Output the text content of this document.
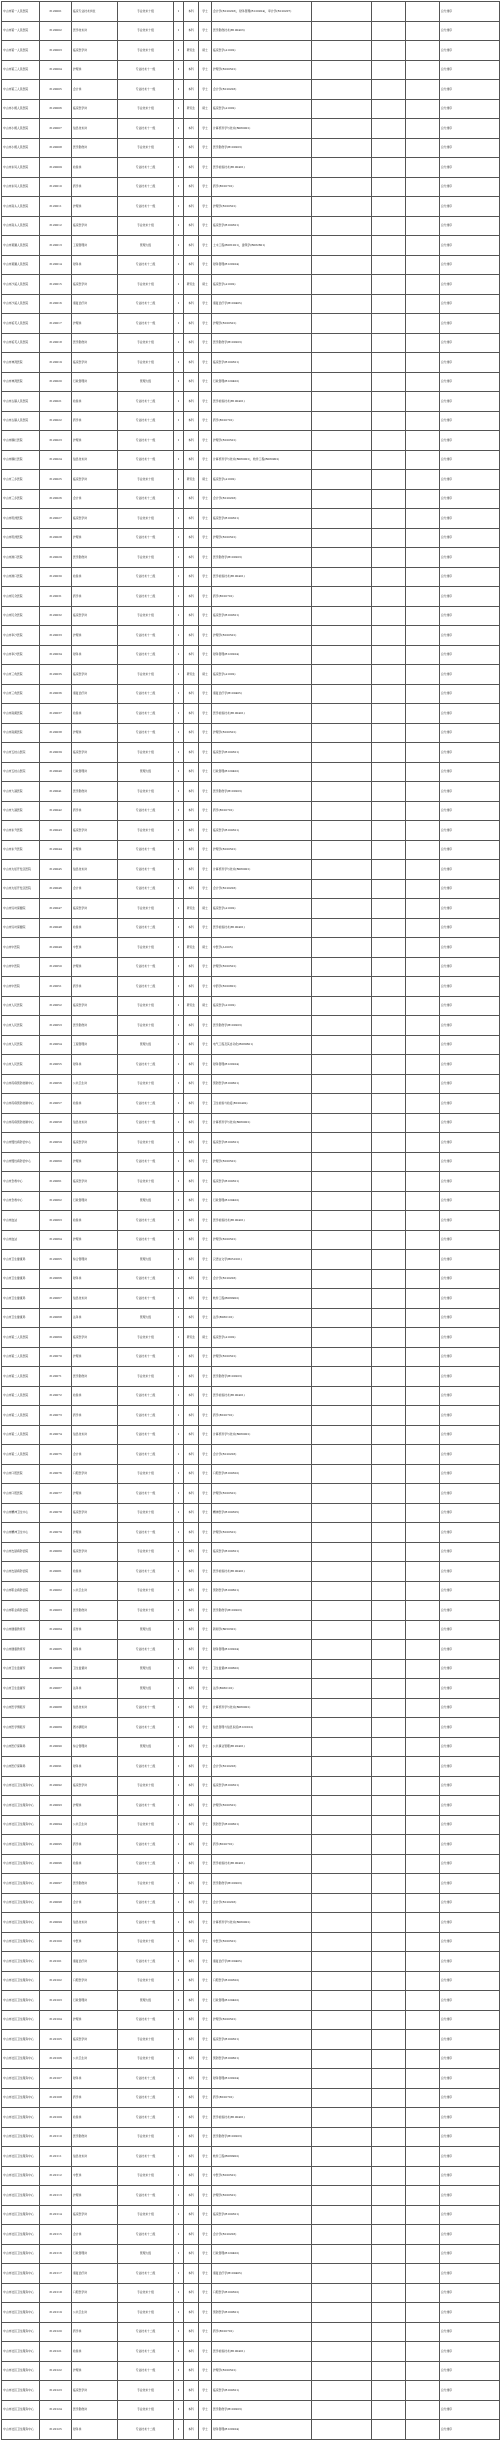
中山市第一人民医院	3120001	临床专业技术岗位	专业技术十级	1	本科	学士	会计学(B120203)，财务管理(B120204)，审计学(B120207)				总分排序
中山市第一人民医院	3120002	医学技术岗	专业技术十级	1	本科	学士	医学影像技术(B100403)				总分排序
中山市第一人民医院	3120003	临床医学岗	专业技术十级	1	研究生	硕士	临床医学(A1002)				总分排序
中山市第三人民医院	3120004	护理岗	专业技术十一级	1	本科	学士	护理学(B100501)				总分排序
中山市第三人民医院	3120005	会计岗	专业技术十一级	1	本科	学士	会计学(B120203)				总分排序
中山市小榄人民医院	3120006	临床医学岗	专业技术十级	1	研究生	硕士	临床医学(A1002)				总分排序
中山市小榄人民医院	3120007	信息技术岗	专业技术十一级	1	本科	学士	计算机科学与技术(B080901)				总分排序
中山市小榄人民医院	3120008	医学影像岗	专业技术十级	1	本科	学士	医学影像学(B100203)				总分排序
中山市东凤人民医院	3120009	检验岗	专业技术十二级	1	本科	学士	医学检验技术(B100401)				总分排序
中山市东凤人民医院	3120010	药学岗	专业技术十二级	1	本科	学士	药学(B100701)				总分排序
中山市南头人民医院	3120011	护理岗	专业技术十一级	1	本科	学士	护理学(B100501)				总分排序
中山市南头人民医院	3120012	临床医学岗	专业技术十级	1	本科	学士	临床医学(B100301)				总分排序
中山市黄圃人民医院	3120013	工程管理岗	管理九级	1	本科	学士	土木工程(B081001)，建筑学(B082801)				总分排序
中山市黄圃人民医院	3120014	财务岗	专业技术十二级	1	本科	学士	财务管理(B120204)				总分排序
中山市沙溪人民医院	3120015	临床医学岗	专业技术十级	1	研究生	硕士	临床医学(A1002)				总分排序
中山市沙溪人民医院	3120016	康复治疗岗	专业技术十二级	1	本科	学士	康复治疗学(B100405)				总分排序
中山市板芙人民医院	3120017	护理岗	专业技术十一级	1	本科	学士	护理学(B100501)				总分排序
中山市板芙人民医院	3120018	医学影像岗	专业技术十级	1	本科	学士	医学影像学(B100203)				总分排序
中山市神湾医院	3120019	临床医学岗	专业技术十级	1	本科	学士	临床医学(B100301)				总分排序
中山市神湾医院	3120020	行政管理岗	管理九级	1	本科	学士	行政管理(B120402)				总分排序
中山市古镇人民医院	3120021	检验岗	专业技术十二级	1	本科	学士	医学检验技术(B100401)				总分排序
中山市古镇人民医院	3120022	药学岗	专业技术十二级	1	本科	学士	药学(B100701)				总分排序
中山市横栏医院	3120023	护理岗	专业技术十一级	1	本科	学士	护理学(B100501)				总分排序
中山市横栏医院	3120024	信息技术岗	专业技术十一级	1	本科	学士	计算机科学与技术(B080901)，软件工程(B080902)				总分排序
中山市三乡医院	3120025	临床医学岗	专业技术十级	1	研究生	硕士	临床医学(A1002)				总分排序
中山市三乡医院	3120026	会计岗	专业技术十二级	1	本科	学士	会计学(B120203)				总分排序
中山市坦洲医院	3120027	临床医学岗	专业技术十级	1	本科	学士	临床医学(B100301)				总分排序
中山市坦洲医院	3120028	护理岗	专业技术十一级	1	本科	学士	护理学(B100501)				总分排序
中山市港口医院	3120029	医学影像岗	专业技术十级	1	本科	学士	医学影像学(B100203)				总分排序
中山市港口医院	3120030	检验岗	专业技术十二级	1	本科	学士	医学检验技术(B100401)				总分排序
中山市民众医院	3120031	药学岗	专业技术十二级	1	本科	学士	药学(B100701)				总分排序
中山市民众医院	3120032	临床医学岗	专业技术十级	1	本科	学士	临床医学(B100301)				总分排序
中山市阜沙医院	3120033	护理岗	专业技术十一级	1	本科	学士	护理学(B100501)				总分排序
中山市阜沙医院	3120034	财务岗	专业技术十二级	1	本科	学士	财务管理(B120204)				总分排序
中山市三角医院	3120035	临床医学岗	专业技术十级	1	研究生	硕士	临床医学(A1002)				总分排序
中山市三角医院	3120036	康复治疗岗	专业技术十二级	1	本科	学士	康复治疗学(B100405)				总分排序
中山市南朗医院	3120037	检验岗	专业技术十二级	1	本科	学士	医学检验技术(B100401)				总分排序
中山市南朗医院	3120038	护理岗	专业技术十一级	1	本科	学士	护理学(B100501)				总分排序
中山市五桂山医院	3120039	临床医学岗	专业技术十级	1	本科	学士	临床医学(B100301)				总分排序
中山市五桂山医院	3120040	行政管理岗	管理九级	1	本科	学士	行政管理(B120402)				总分排序
中山市大涌医院	3120041	医学影像岗	专业技术十级	1	本科	学士	医学影像学(B100203)				总分排序
中山市大涌医院	3120042	药学岗	专业技术十二级	1	本科	学士	药学(B100701)				总分排序
中山市东升医院	3120043	临床医学岗	专业技术十级	1	本科	学士	临床医学(B100301)				总分排序
中山市东升医院	3120044	护理岗	专业技术十一级	1	本科	学士	护理学(B100501)				总分排序
中山市火炬开发区医院	3120045	信息技术岗	专业技术十一级	1	本科	学士	计算机科学与技术(B080901)				总分排序
中山市火炬开发区医院	3120046	会计岗	专业技术十二级	1	本科	学士	会计学(B120203)				总分排序
中山市妇幼保健院	3120047	临床医学岗	专业技术十级	1	研究生	硕士	临床医学(A1002)				总分排序
中山市妇幼保健院	3120048	检验岗	专业技术十二级	1	本科	学士	医学检验技术(B100401)				总分排序
中山市中医院	3120049	中医岗	专业技术十级	1	研究生	硕士	中医学(A1005)				总分排序
中山市中医院	3120050	护理岗	专业技术十一级	1	本科	学士	护理学(B100501)				总分排序
中山市中医院	3120051	药学岗	专业技术十二级	1	本科	学士	中药学(B100801)				总分排序
中山市人民医院	3120052	临床医学岗	专业技术十级	1	研究生	硕士	临床医学(A1002)				总分排序
中山市人民医院	3120053	医学影像岗	专业技术十级	1	本科	学士	医学影像学(B100203)				总分排序
中山市人民医院	3120054	工程管理岗	管理九级	1	本科	学士	电气工程及其自动化(B080601)				总分排序
中山市人民医院	3120055	财务岗	专业技术十二级	1	本科	学士	财务管理(B120204)				总分排序
中山市疾病预防控制中心	3120056	公共卫生岗	专业技术十级	1	本科	学士	预防医学(B100601)				总分排序
中山市疾病预防控制中心	3120057	检验岗	专业技术十二级	1	本科	学士	卫生检验与检疫(B100402)				总分排序
中山市疾病预防控制中心	3120058	信息技术岗	专业技术十一级	1	本科	学士	计算机科学与技术(B080901)				总分排序
中山市慢性病防治中心	3120059	临床医学岗	专业技术十级	1	本科	学士	临床医学(B100301)				总分排序
中山市慢性病防治中心	3120060	护理岗	专业技术十一级	1	本科	学士	护理学(B100501)				总分排序
中山市急救中心	3120061	临床医学岗	专业技术十级	1	本科	学士	临床医学(B100301)				总分排序
中山市急救中心	3120062	行政管理岗	管理九级	1	本科	学士	行政管理(B120402)				总分排序
中山市血站	3120063	检验岗	专业技术十二级	1	本科	学士	医学检验技术(B100401)				总分排序
中山市血站	3120064	护理岗	专业技术十一级	1	本科	学士	护理学(B100501)				总分排序
中山市卫生健康局	3120065	综合管理岗	管理九级	1	本科	学士	汉语言文学(B050101)				总分排序
中山市卫生健康局	3120066	财务岗	专业技术十二级	1	本科	学士	会计学(B120203)				总分排序
中山市卫生健康局	3120067	信息技术岗	专业技术十一级	1	本科	学士	软件工程(B080902)				总分排序
中山市卫生健康局	3120068	法务岗	管理九级	1	本科	学士	法学(B030101)				总分排序
中山市第二人民医院	3120069	临床医学岗	专业技术十级	1	研究生	硕士	临床医学(A1002)				总分排序
中山市第二人民医院	3120070	护理岗	专业技术十一级	1	本科	学士	护理学(B100501)				总分排序
中山市第二人民医院	3120071	医学影像岗	专业技术十级	1	本科	学士	医学影像学(B100203)				总分排序
中山市第二人民医院	3120072	检验岗	专业技术十二级	1	本科	学士	医学检验技术(B100401)				总分排序
中山市第二人民医院	3120073	药学岗	专业技术十二级	1	本科	学士	药学(B100701)				总分排序
中山市第二人民医院	3120074	信息技术岗	专业技术十一级	1	本科	学士	计算机科学与技术(B080901)				总分排序
中山市第二人民医院	3120075	会计岗	专业技术十二级	1	本科	学士	会计学(B120203)				总分排序
中山市口腔医院	3120076	口腔医学岗	专业技术十级	1	本科	学士	口腔医学(B100302)				总分排序
中山市口腔医院	3120077	护理岗	专业技术十一级	1	本科	学士	护理学(B100501)				总分排序
中山市精神卫生中心	3120078	临床医学岗	专业技术十级	1	本科	学士	精神医学(B100305)				总分排序
中山市精神卫生中心	3120079	护理岗	专业技术十一级	1	本科	学士	护理学(B100501)				总分排序
中山市皮肤病防治院	3120080	临床医学岗	专业技术十级	1	本科	学士	临床医学(B100301)				总分排序
中山市皮肤病防治院	3120081	检验岗	专业技术十二级	1	本科	学士	医学检验技术(B100401)				总分排序
中山市职业病防治院	3120082	公共卫生岗	专业技术十级	1	本科	学士	预防医学(B100601)				总分排序
中山市职业病防治院	3120083	医学影像岗	专业技术十级	1	本科	学士	医学影像学(B100203)				总分排序
中山市健康教育所	3120084	宣传岗	管理九级	1	本科	学士	新闻学(B050301)				总分排序
中山市健康教育所	3120085	财务岗	专业技术十二级	1	本科	学士	财务管理(B120204)				总分排序
中山市卫生监督所	3120086	卫生监督岗	管理九级	1	本科	学士	卫生监督(B100602)				总分排序
中山市卫生监督所	3120087	法务岗	管理九级	1	本科	学士	法学(B030101)				总分排序
中山市医学情报所	3120088	信息技术岗	专业技术十一级	1	本科	学士	计算机科学与技术(B080901)				总分排序
中山市医学情报所	3120089	图书情报岗	专业技术十二级	1	本科	学士	信息管理与信息系统(B120102)				总分排序
中山市医疗保障局	3120090	综合管理岗	管理九级	1	本科	学士	公共事业管理(B120401)				总分排序
中山市医疗保障局	3120091	财务岗	专业技术十二级	1	本科	学士	会计学(B120203)				总分排序
中山市社区卫生服务中心	3120092	临床医学岗	专业技术十级	1	本科	学士	临床医学(B100301)				总分排序
中山市社区卫生服务中心	3120093	护理岗	专业技术十一级	1	本科	学士	护理学(B100501)				总分排序
中山市社区卫生服务中心	3120094	公共卫生岗	专业技术十级	1	本科	学士	预防医学(B100601)				总分排序
中山市社区卫生服务中心	3120095	药学岗	专业技术十二级	1	本科	学士	药学(B100701)				总分排序
中山市社区卫生服务中心	3120096	检验岗	专业技术十二级	1	本科	学士	医学检验技术(B100401)				总分排序
中山市社区卫生服务中心	3120097	医学影像岗	专业技术十级	1	本科	学士	医学影像学(B100203)				总分排序
中山市社区卫生服务中心	3120098	会计岗	专业技术十二级	1	本科	学士	会计学(B120203)				总分排序
中山市社区卫生服务中心	3120099	信息技术岗	专业技术十一级	1	本科	学士	计算机科学与技术(B080901)				总分排序
中山市社区卫生服务中心	3120100	中医岗	专业技术十级	1	本科	学士	中医学(B100501)				总分排序
中山市社区卫生服务中心	3120101	康复治疗岗	专业技术十二级	1	本科	学士	康复治疗学(B100405)				总分排序
中山市社区卫生服务中心	3120102	口腔医学岗	专业技术十级	1	本科	学士	口腔医学(B100302)				总分排序
中山市社区卫生服务中心	3120103	行政管理岗	管理九级	1	本科	学士	行政管理(B120402)				总分排序
中山市社区卫生服务中心	3120104	护理岗	专业技术十一级	1	本科	学士	护理学(B100501)				总分排序
中山市社区卫生服务中心	3120105	临床医学岗	专业技术十级	1	本科	学士	临床医学(B100301)				总分排序
中山市社区卫生服务中心	3120106	公共卫生岗	专业技术十级	1	本科	学士	预防医学(B100601)				总分排序
中山市社区卫生服务中心	3120107	财务岗	专业技术十二级	1	本科	学士	财务管理(B120204)				总分排序
中山市社区卫生服务中心	3120108	药学岗	专业技术十二级	1	本科	学士	药学(B100701)				总分排序
中山市社区卫生服务中心	3120109	检验岗	专业技术十二级	1	本科	学士	医学检验技术(B100401)				总分排序
中山市社区卫生服务中心	3120110	医学影像岗	专业技术十级	1	本科	学士	医学影像学(B100203)				总分排序
中山市社区卫生服务中心	3120111	信息技术岗	专业技术十一级	1	本科	学士	软件工程(B080902)				总分排序
中山市社区卫生服务中心	3120112	中医岗	专业技术十级	1	本科	学士	中医学(B100501)				总分排序
中山市社区卫生服务中心	3120113	护理岗	专业技术十一级	1	本科	学士	护理学(B100501)				总分排序
中山市社区卫生服务中心	3120114	临床医学岗	专业技术十级	1	本科	学士	临床医学(B100301)				总分排序
中山市社区卫生服务中心	3120115	会计岗	专业技术十二级	1	本科	学士	会计学(B120203)				总分排序
中山市社区卫生服务中心	3120116	行政管理岗	管理九级	1	本科	学士	行政管理(B120402)				总分排序
中山市社区卫生服务中心	3120117	康复治疗岗	专业技术十二级	1	本科	学士	康复治疗学(B100405)				总分排序
中山市社区卫生服务中心	3120118	口腔医学岗	专业技术十级	1	本科	学士	口腔医学(B100302)				总分排序
中山市社区卫生服务中心	3120119	公共卫生岗	专业技术十级	1	本科	学士	预防医学(B100601)				总分排序
中山市社区卫生服务中心	3120120	药学岗	专业技术十二级	1	本科	学士	药学(B100701)				总分排序
中山市社区卫生服务中心	3120121	检验岗	专业技术十二级	1	本科	学士	医学检验技术(B100401)				总分排序
中山市社区卫生服务中心	3120122	护理岗	专业技术十一级	1	本科	学士	护理学(B100501)				总分排序
中山市社区卫生服务中心	3120123	临床医学岗	专业技术十级	1	本科	学士	临床医学(B100301)				总分排序
中山市社区卫生服务中心	3120124	医学影像岗	专业技术十级	1	本科	学士	医学影像学(B100203)				总分排序
中山市社区卫生服务中心	3120125	财务岗	专业技术十二级	1	本科	学士	财务管理(B120204)				总分排序
